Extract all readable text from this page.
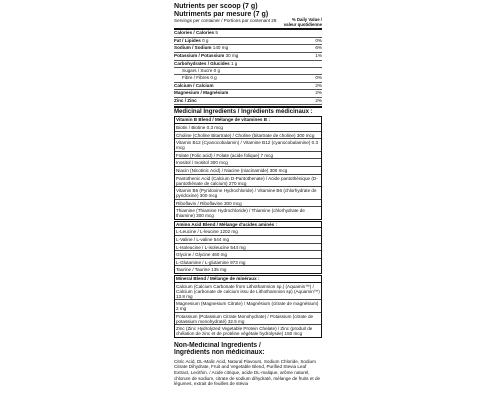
Nutrients per scoop (7 g)
Nutriments par mesure (7 g)
Servings per container / Portions par contenant 28	% Daily Value /
valeur quotidienne
Calories / Calories 5
Fat / Lipides 0 g	0%
Sodium / Sodium 140 mg	6%
Potassium / Potassium 30 mg	1%
Carbohydrates / Glucides 1 g
Sugars / Sucre 0 g
Fibre / Fibres 0 g	0%
Calcium / Calcium	2%
Magnesium / Magnésium	2%
Zinc / Zinc	2%
Medicinal Ingredients / Ingrédients médicinaux :
Vitamin B Blend / Mélange de vitamines B :
Biotin / Biotine 0.3 mcg
Choline (Choline Bitartrate) / Choline (bitartrate de choline) 300 mcg
Vitamin B12 (Cyanocobalamin) / Vitamine B12 (cyanocobalamine) 0.3 mcg
Folate (Folic acid) / Folate (acide folique) 7 mcg
Inositol / Inositol 300 mcg
Niacin (Nicotinic Acid) / Niacine (niacinamide) 300 mcg
Pantothenic Acid (Calcium D-Pantothenate) / Acide pantothénique (D-pantothénate de calcium) 270 mcg
Vitamin B6 (Pyridoxine Hydrochloride) / Vitamine B6 (chlorhydrate de pyridoxine) 300 mcg
Riboflavin / Riboflavine 300 mcg
Thiamine (Thiamine Hydrochloride) / Thiamine (chlorhydrate de thiamine) 300 mcg
Amino Acid Blend / Mélange d'acides aminés :
L-Leucine / L-leucine 1202 mg
L-Valine / L-valine 544 mg
L-Isoleucine / L-isoleucine 544 mg
Glycine / Glycine 460 mg
L-Glutamine / L-glutamine 973 mg
Taurine / Taurine 135 mg
Mineral Blend / Mélange de minéraux :
Calcium (Calcium Carbonate from Lithothamnion sp.) (Aquamin™) / Calcium (carbonate de calcium issu de Lithothamnion sp) (Aquamin™) 13.8 mg
Magnesium (Magnesium Citrate) / Magnésium (citrate de magnésium) 2 mg
Potassium (Potassium Citrate Monohydrate) / Potassium (citrate de potassium monohydraté) 32.5 mg
Zinc (Zinc Hydrolyzed Vegetable Protein Chelate) / Zinc (produit de chélation de zinc et de protéine végétale hydrolysée) 150 mcg
Non-Medicinal Ingredients /
Ingrédients non médicinaux:
Citric Acid, DL-Malic Acid, Natural Flavours, Sodium Chloride, Sodium Citrate Dihydrate, Fruit and Vegetable Blend, Purified Stevia Leaf Extract, Lecithin. / Acide citrique, acide DL-malique, arôme naturel, chlorure de sodium, citrate de sodium dihydraté, mélange de fruits et de légumes, extrait de feuilles de stévia
